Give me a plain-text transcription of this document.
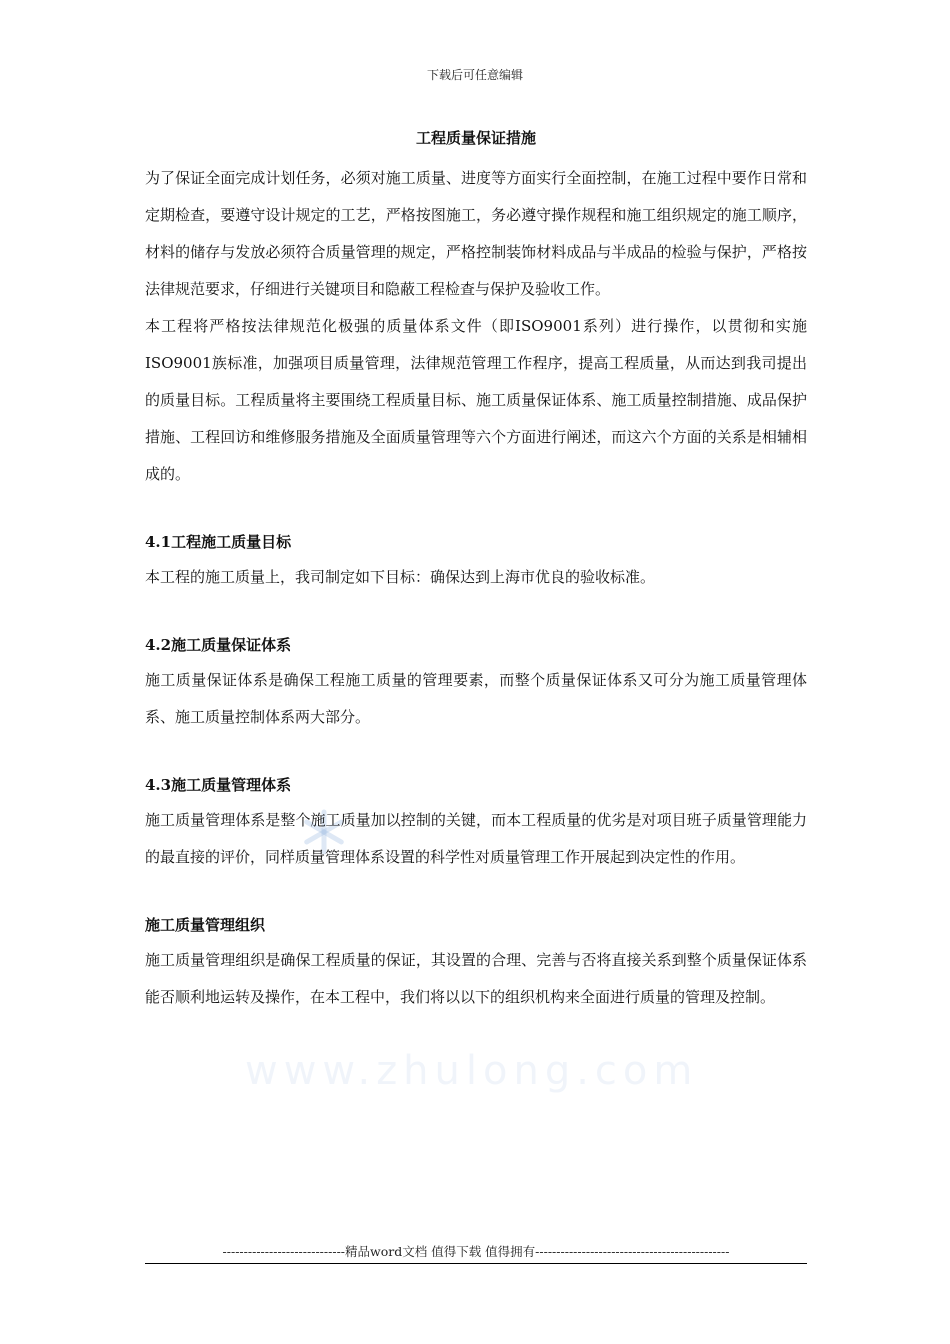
下载后可任意编辑
www.zhulong.com
工程质量保证措施

为了保证全面完成计划任务，必须对施工质量、进度等方面实行全面控制，在施工过程中要作日常和定期检查，要遵守设计规定的工艺，严格按图施工，务必遵守操作规程和施工组织规定的施工顺序，材料的储存与发放必须符合质量管理的规定，严格控制装饰材料成品与半成品的检验与保护，严格按法律规范要求，仔细进行关键项目和隐蔽工程检查与保护及验收工作。

本工程将严格按法律规范化极强的质量体系文件（即ISO9001系列）进行操作，以贯彻和实施ISO9001族标准，加强项目质量管理，法律规范管理工作程序，提高工程质量，从而达到我司提出的质量目标。工程质量将主要围绕工程质量目标、施工质量保证体系、施工质量控制措施、成品保护措施、工程回访和维修服务措施及全面质量管理等六个方面进行阐述，而这六个方面的关系是相辅相成的。

4.1工程施工质量目标

本工程的施工质量上，我司制定如下目标：确保达到上海市优良的验收标准。

4.2施工质量保证体系

施工质量保证体系是确保工程施工质量的管理要素，而整个质量保证体系又可分为施工质量管理体系、施工质量控制体系两大部分。

4.3施工质量管理体系

施工质量管理体系是整个施工质量加以控制的关键，而本工程质量的优劣是对项目班子质量管理能力的最直接的评价，同样质量管理体系设置的科学性对质量管理工作开展起到决定性的作用。

施工质量管理组织

施工质量管理组织是确保工程质量的保证，其设置的合理、完善与否将直接关系到整个质量保证体系能否顺利地运转及操作，在本工程中，我们将以以下的组织机构来全面进行质量的管理及控制。

-----------------------------精品word文档 值得下载 值得拥有----------------------------------------------
